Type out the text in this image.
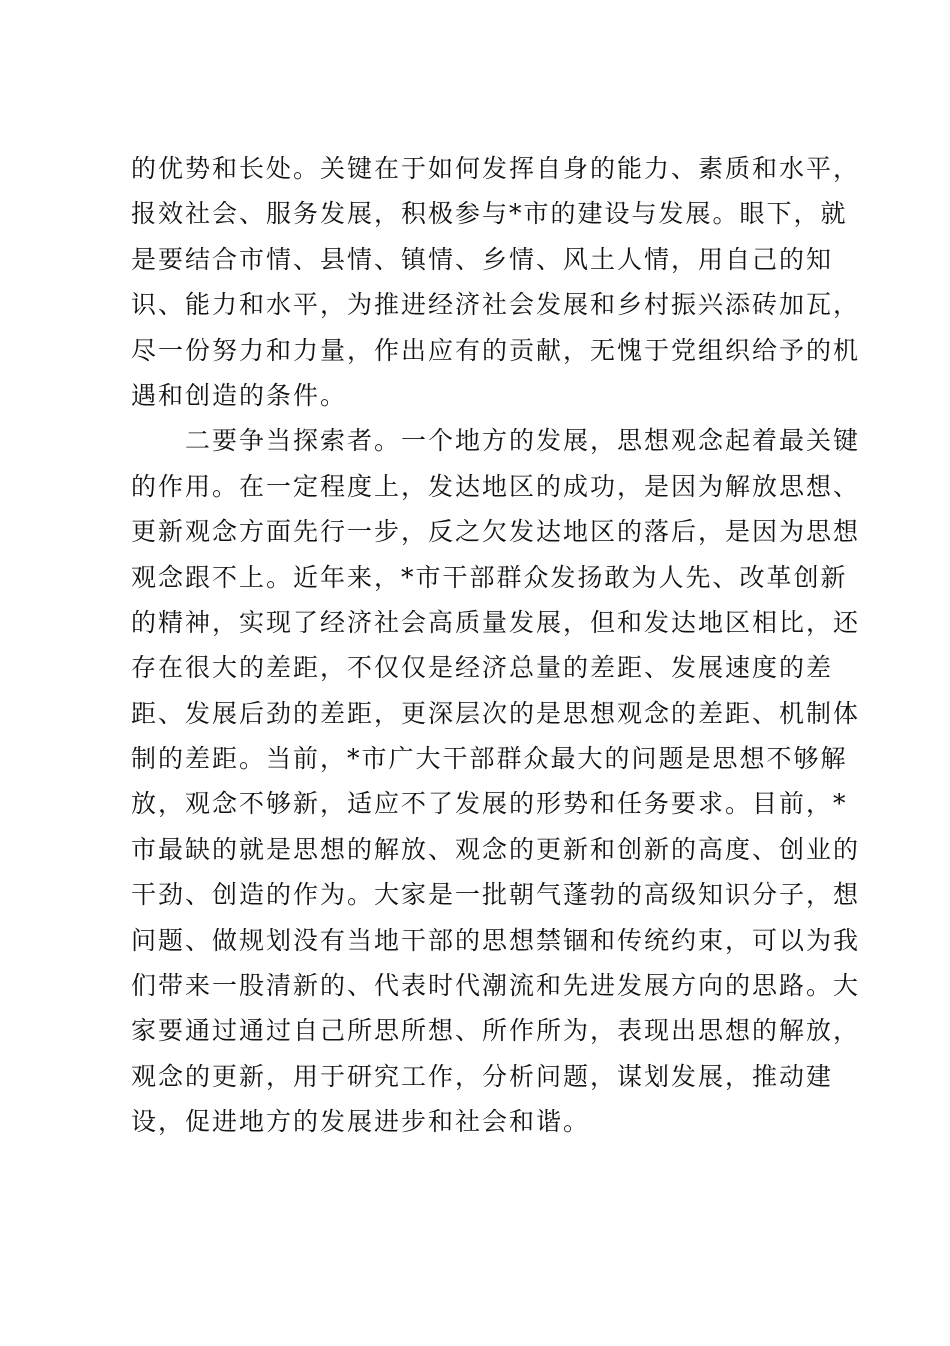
的优势和长处。关键在于如何发挥自身的能力、素质和水平，

报效社会、服务发展，积极参与*市的建设与发展。眼下，就

是要结合市情、县情、镇情、乡情、风土人情，用自己的知

识、能力和水平，为推进经济社会发展和乡村振兴添砖加瓦，

尽一份努力和力量，作出应有的贡献，无愧于党组织给予的机

遇和创造的条件。

　　二要争当探索者。一个地方的发展，思想观念起着最关键

的作用。在一定程度上，发达地区的成功，是因为解放思想、

更新观念方面先行一步，反之欠发达地区的落后，是因为思想

观念跟不上。近年来，*市干部群众发扬敢为人先、改革创新

的精神，实现了经济社会高质量发展，但和发达地区相比，还

存在很大的差距，不仅仅是经济总量的差距、发展速度的差

距、发展后劲的差距，更深层次的是思想观念的差距、机制体

制的差距。当前，*市广大干部群众最大的问题是思想不够解

放，观念不够新，适应不了发展的形势和任务要求。目前，*

市最缺的就是思想的解放、观念的更新和创新的高度、创业的

干劲、创造的作为。大家是一批朝气蓬勃的高级知识分子，想

问题、做规划没有当地干部的思想禁锢和传统约束，可以为我

们带来一股清新的、代表时代潮流和先进发展方向的思路。大

家要通过通过自己所思所想、所作所为，表现出思想的解放，

观念的更新，用于研究工作，分析问题，谋划发展，推动建

设，促进地方的发展进步和社会和谐。
